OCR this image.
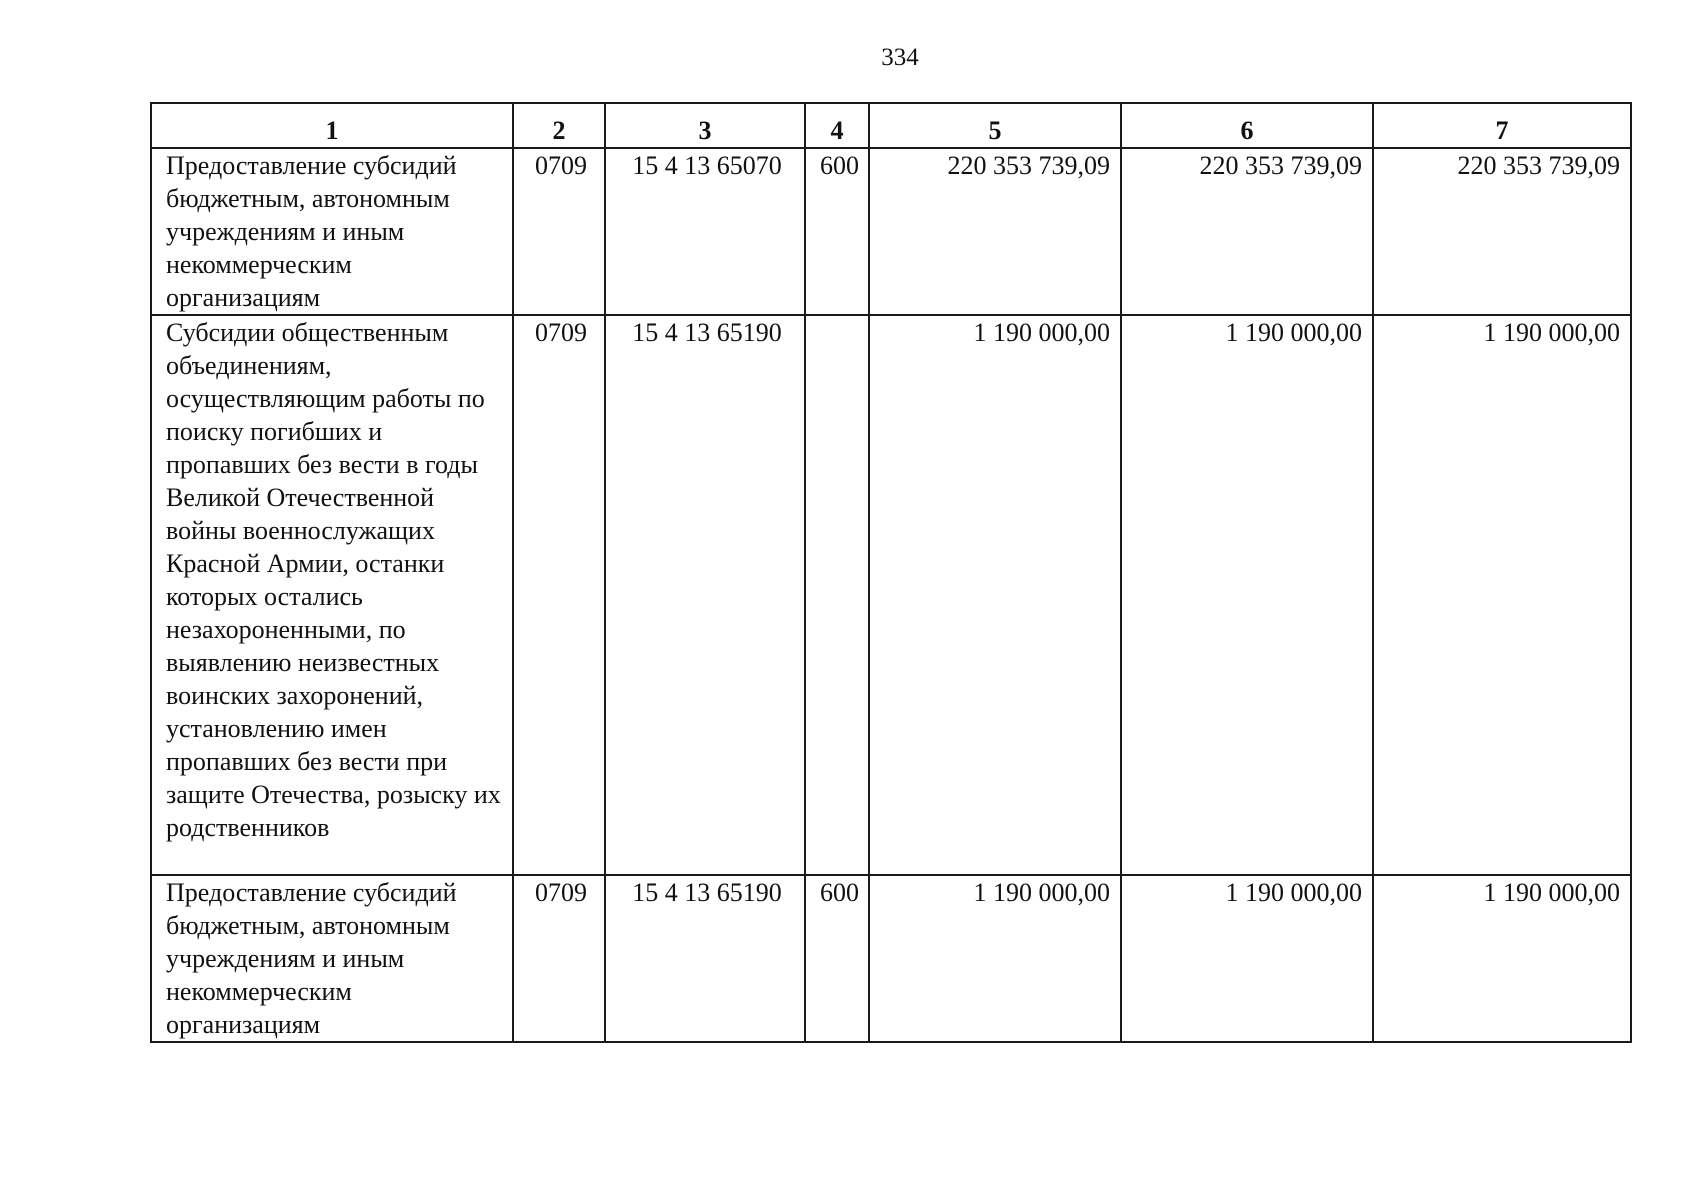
334
1	2	3	4	5	6	7
Предоставление субсидий бюджетным, автономным учреждениям и иным некоммерческим организациям	0709	15 4 13 65070	600	220 353 739,09	220 353 739,09	220 353 739,09
Субсидии общественным объединениям, осуществляющим работы по поиску погибших и пропавших без вести в годы Великой Отечественной войны военнослужащих Красной Армии, останки которых остались незахороненными, по выявлению неизвестных воинских захоронений, установлению имен пропавших без вести при защите Отечества, розыску их родственников	0709	15 4 13 65190		1 190 000,00	1 190 000,00	1 190 000,00
Предоставление субсидий бюджетным, автономным учреждениям и иным некоммерческим организациям	0709	15 4 13 65190	600	1 190 000,00	1 190 000,00	1 190 000,00
